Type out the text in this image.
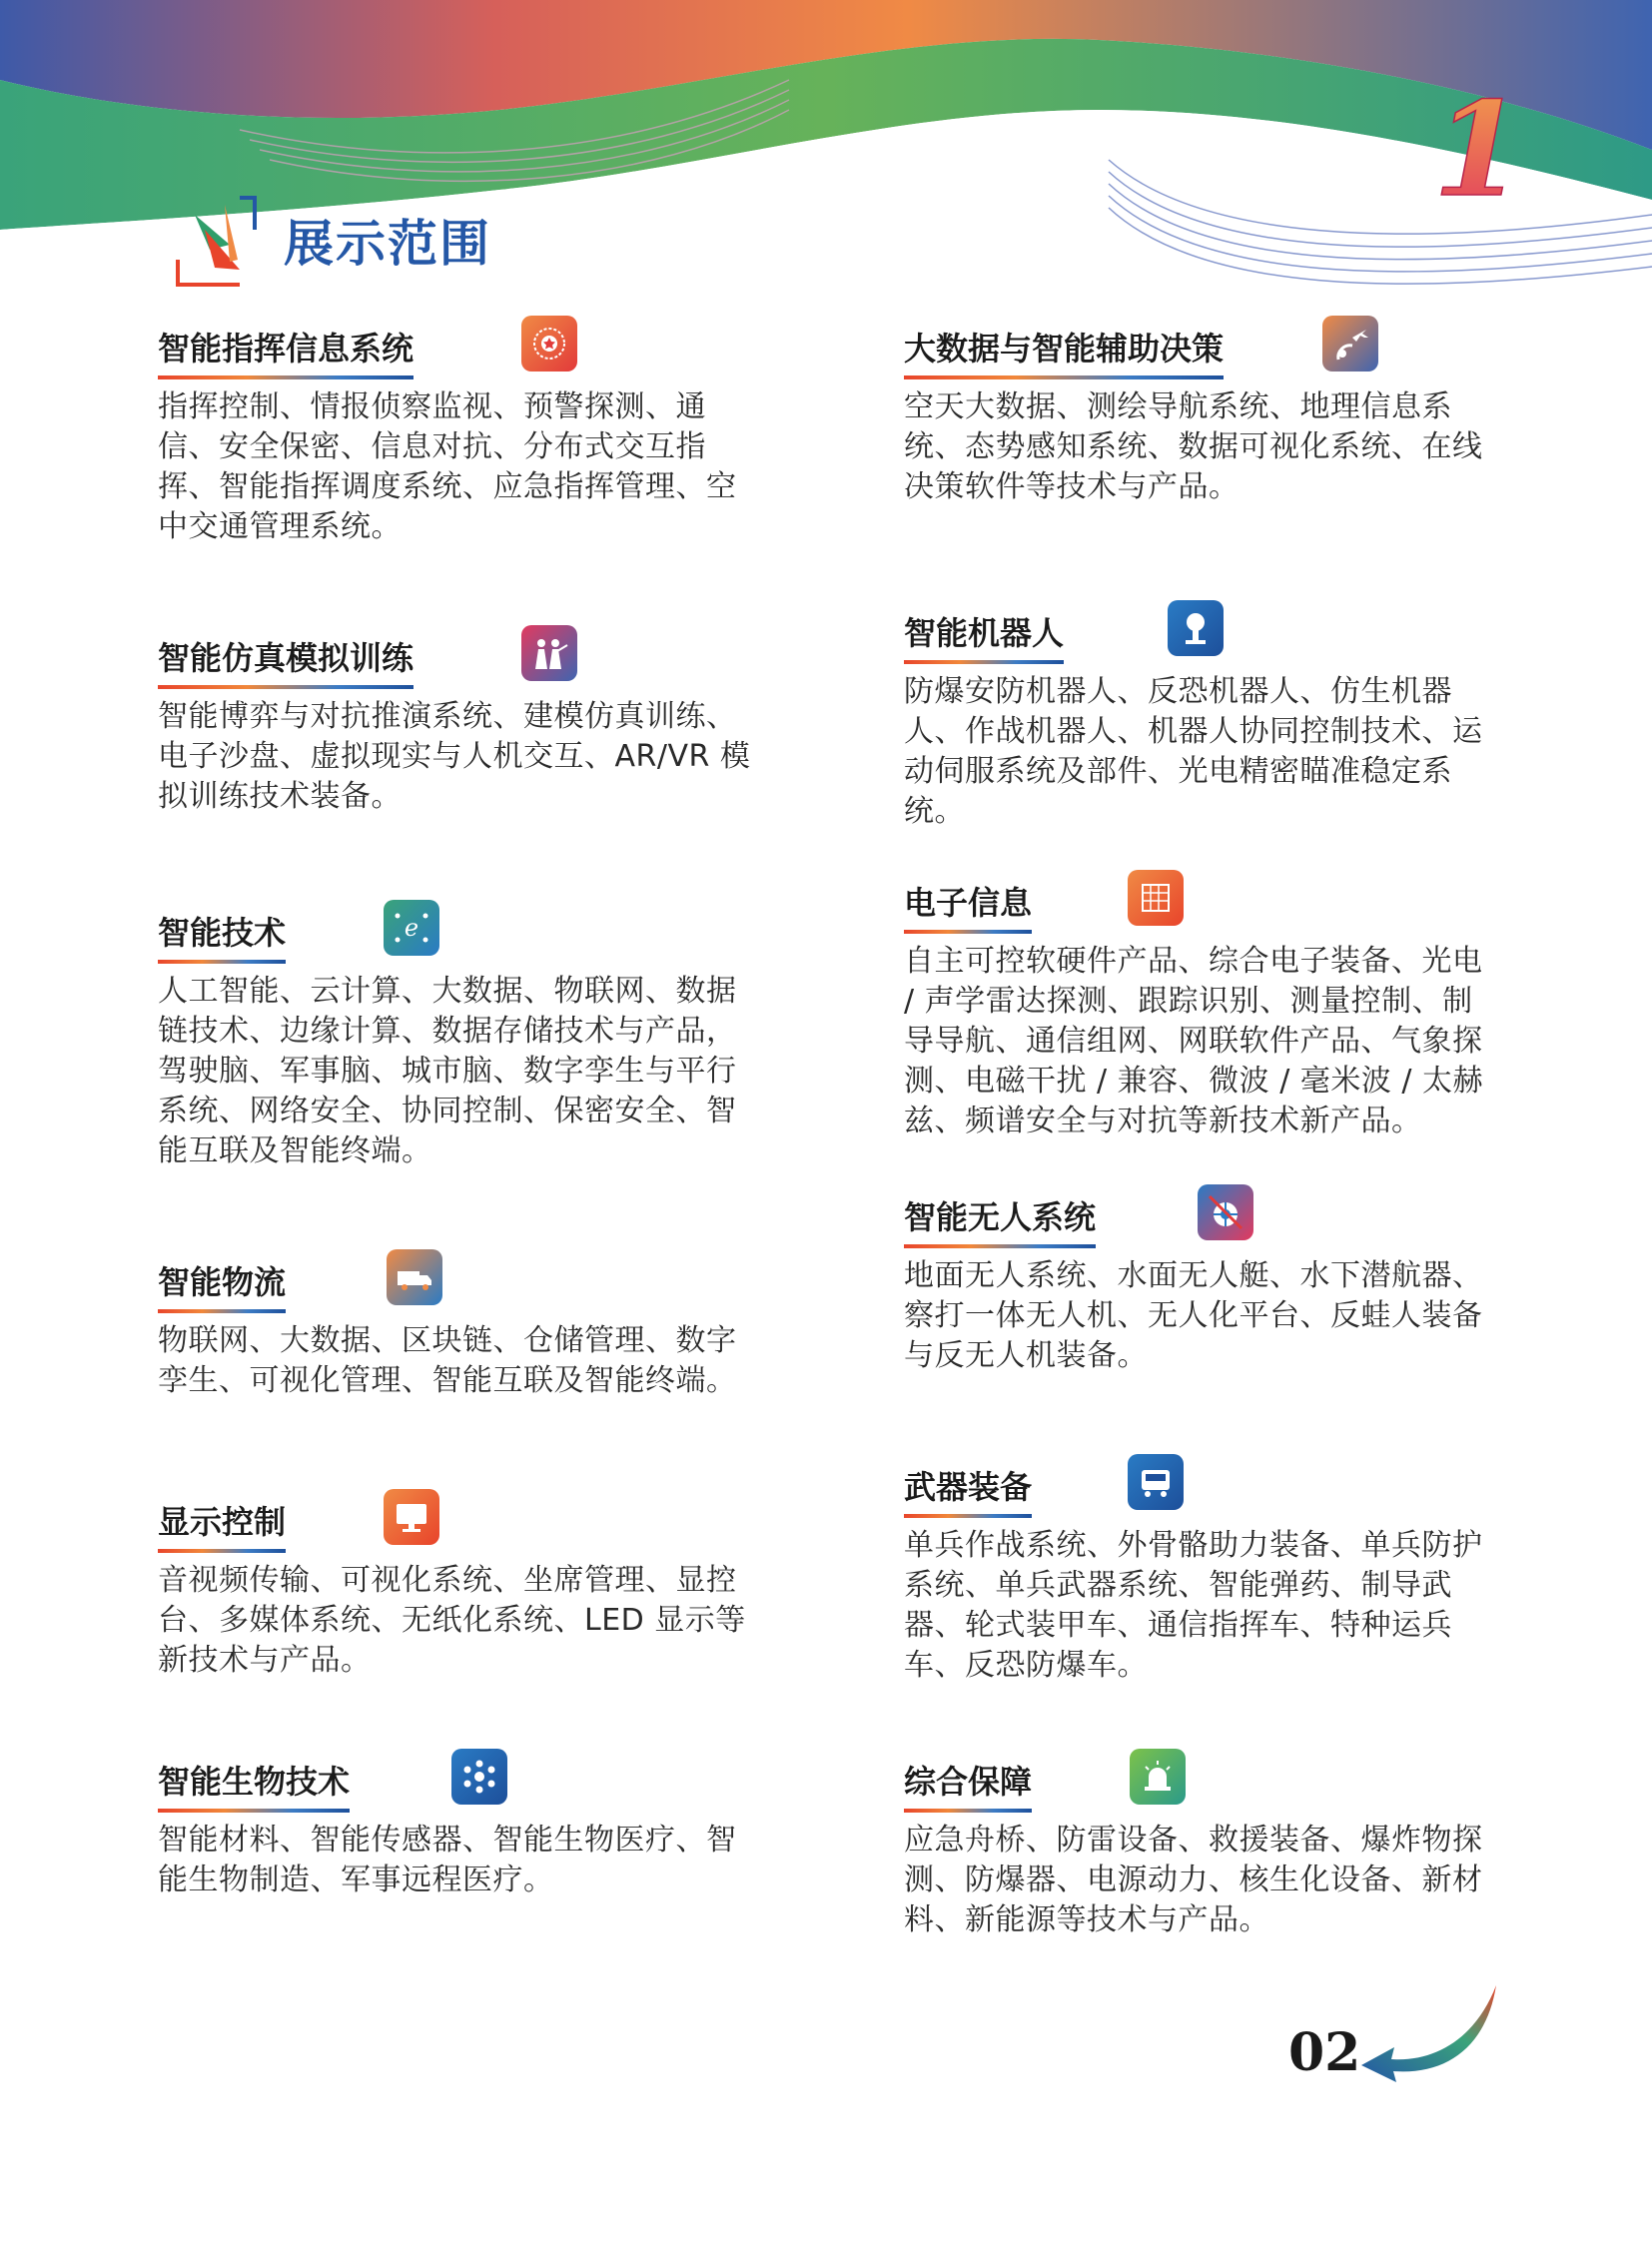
1
展示范围
智能指挥信息系统
指挥控制、情报侦察监视、预警探测、通信、安全保密、信息对抗、分布式交互指挥、智能指挥调度系统、应急指挥管理、空中交通管理系统。
大数据与智能辅助决策
空天大数据、测绘导航系统、地理信息系统、态势感知系统、数据可视化系统、在线决策软件等技术与产品。
智能仿真模拟训练
智能博弈与对抗推演系统、建模仿真训练、电子沙盘、虚拟现实与人机交互、AR/VR 模拟训练技术装备。
智能机器人
防爆安防机器人、反恐机器人、仿生机器人、作战机器人、机器人协同控制技术、运动伺服系统及部件、光电精密瞄准稳定系统。
智能技术	e
人工智能、云计算、大数据、物联网、数据链技术、边缘计算、数据存储技术与产品，驾驶脑、军事脑、城市脑、数字孪生与平行系统、网络安全、协同控制、保密安全、智能互联及智能终端。
电子信息
自主可控软硬件产品、综合电子装备、光电 / 声学雷达探测、跟踪识别、测量控制、制导导航、通信组网、网联软件产品、气象探测、电磁干扰 / 兼容、微波 / 毫米波 / 太赫兹、频谱安全与对抗等新技术新产品。
智能物流
物联网、大数据、区块链、仓储管理、数字孪生、可视化管理、智能互联及智能终端。
智能无人系统
地面无人系统、水面无人艇、水下潜航器、察打一体无人机、无人化平台、反蛙人装备与反无人机装备。
显示控制
音视频传输、可视化系统、坐席管理、显控台、多媒体系统、无纸化系统、LED 显示等新技术与产品。
武器装备
单兵作战系统、外骨骼助力装备、单兵防护系统、单兵武器系统、智能弹药、制导武器、轮式装甲车、通信指挥车、特种运兵车、反恐防爆车。
智能生物技术
智能材料、智能传感器、智能生物医疗、智能生物制造、军事远程医疗。
综合保障
应急舟桥、防雷设备、救援装备、爆炸物探测、防爆器、电源动力、核生化设备、新材料、新能源等技术与产品。
02
